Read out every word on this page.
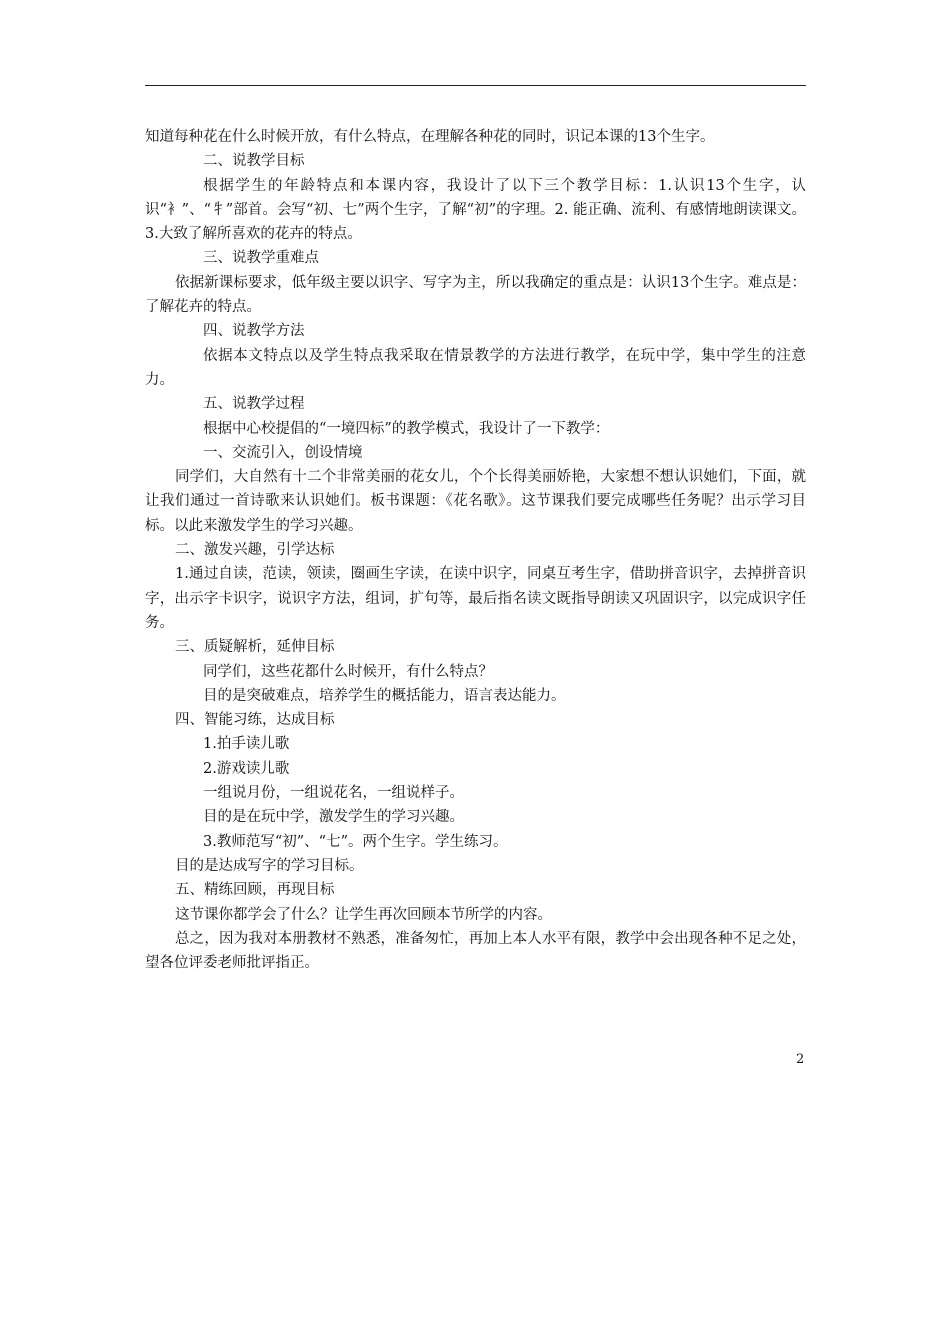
知道每种花在什么时候开放，有什么特点，在理解各种花的同时，识记本课的13个生字。

二、说教学目标

根据学生的年龄特点和本课内容，我设计了以下三个教学目标：1.认识13个生字，认识“衤”、“牜”部首。会写“初、七”两个生字，了解“初”的字理。2. 能正确、流利、有感情地朗读课文。3.大致了解所喜欢的花卉的特点。

三、说教学重难点

依据新课标要求，低年级主要以识字、写字为主，所以我确定的重点是：认识13个生字。难点是：了解花卉的特点。

四、说教学方法

依据本文特点以及学生特点我采取在情景教学的方法进行教学，在玩中学，集中学生的注意力。

五、说教学过程

根据中心校提倡的“一境四标”的教学模式，我设计了一下教学：

一、交流引入，创设情境

同学们，大自然有十二个非常美丽的花女儿，个个长得美丽娇艳，大家想不想认识她们，下面，就让我们通过一首诗歌来认识她们。板书课题：《花名歌》。这节课我们要完成哪些任务呢？出示学习目标。以此来激发学生的学习兴趣。

二、激发兴趣，引学达标

1.通过自读，范读，领读，圈画生字读，在读中识字，同桌互考生字，借助拼音识字，去掉拼音识字，出示字卡识字，说识字方法，组词，扩句等，最后指名读文既指导朗读又巩固识字，以完成识字任务。

三、质疑解析，延伸目标

同学们，这些花都什么时候开，有什么特点？

目的是突破难点，培养学生的概括能力，语言表达能力。

四、智能习练，达成目标

1.拍手读儿歌

2.游戏读儿歌

一组说月份，一组说花名，一组说样子。

目的是在玩中学，激发学生的学习兴趣。

3.教师范写“初”、“七”。两个生字。学生练习。

目的是达成写字的学习目标。

五、精练回顾，再现目标

这节课你都学会了什么？让学生再次回顾本节所学的内容。

总之，因为我对本册教材不熟悉，准备匆忙，再加上本人水平有限，教学中会出现各种不足之处，望各位评委老师批评指正。

2
